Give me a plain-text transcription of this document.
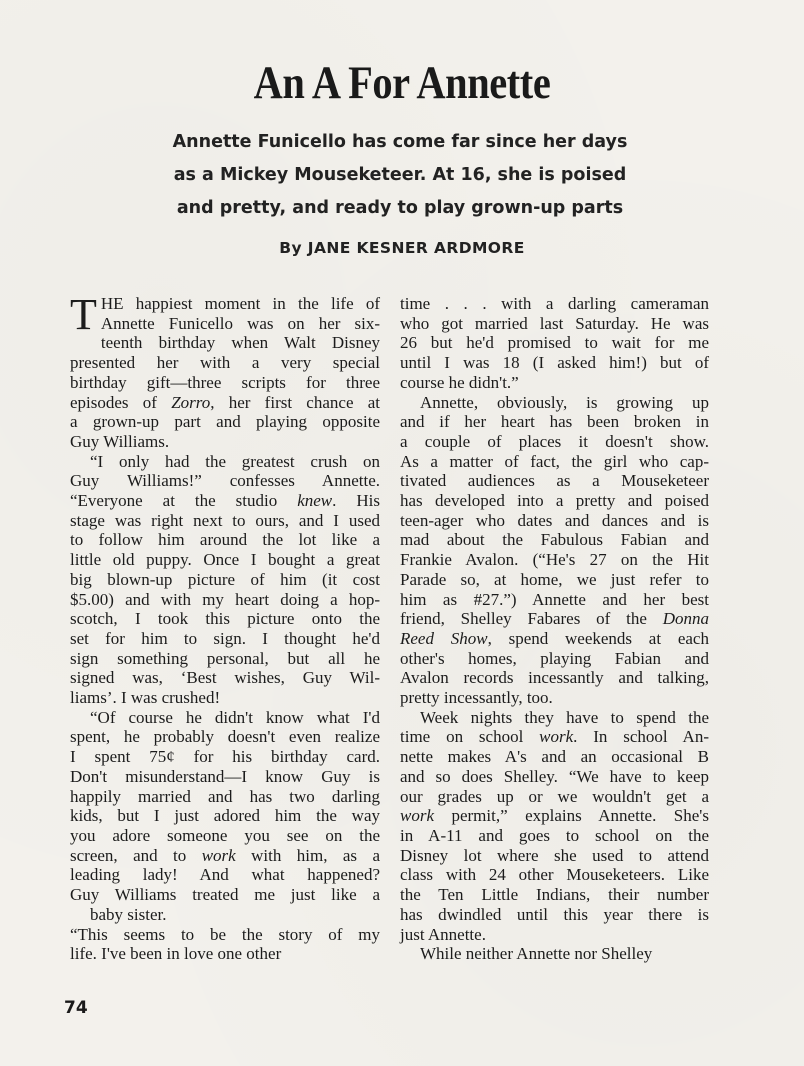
An A For Annette
Annette Funicello has come far since her days
as a Mickey Mouseketeer. At 16, she is poised
and pretty, and ready to play grown-up parts
By JANE KESNER ARDMORE
T HE happiest moment in the life of
Annette Funicello was on her six-
teenth birthday when Walt Disney
presented her with a very special
birthday gift—three scripts for three
episodes of Zorro, her first chance at
a grown-up part and playing opposite
Guy Williams.
“I only had the greatest crush on
Guy Williams!” confesses Annette.
“Everyone at the studio knew. His
stage was right next to ours, and I used
to follow him around the lot like a
little old puppy. Once I bought a great
big blown-up picture of him (it cost
$5.00) and with my heart doing a hop-
scotch, I took this picture onto the
set for him to sign. I thought he'd
sign something personal, but all he
signed was, ‘Best wishes, Guy Wil-
liams’. I was crushed!
“Of course he didn't know what I'd
spent, he probably doesn't even realize
I spent 75¢ for his birthday card.
Don't misunderstand—I know Guy is
happily married and has two darling
kids, but I just adored him the way
you adore someone you see on the
screen, and to work with him, as a
leading lady! And what happened?
Guy Williams treated me just like a
baby sister.
“This seems to be the story of my
life. I've been in love one other
time . . . with a darling cameraman
who got married last Saturday. He was
26 but he'd promised to wait for me
until I was 18 (I asked him!) but of
course he didn't.”
Annette, obviously, is growing up
and if her heart has been broken in
a couple of places it doesn't show.
As a matter of fact, the girl who cap-
tivated audiences as a Mouseketeer
has developed into a pretty and poised
teen-ager who dates and dances and is
mad about the Fabulous Fabian and
Frankie Avalon. (“He's 27 on the Hit
Parade so, at home, we just refer to
him as #27.”) Annette and her best
friend, Shelley Fabares of the Donna
Reed Show, spend weekends at each
other's homes, playing Fabian and
Avalon records incessantly and talking,
pretty incessantly, too.
Week nights they have to spend the
time on school work. In school An-
nette makes A's and an occasional B
and so does Shelley. “We have to keep
our grades up or we wouldn't get a
work permit,” explains Annette. She's
in A-11 and goes to school on the
Disney lot where she used to attend
class with 24 other Mouseketeers. Like
the Ten Little Indians, their number
has dwindled until this year there is
just Annette.
While neither Annette nor Shelley
74
